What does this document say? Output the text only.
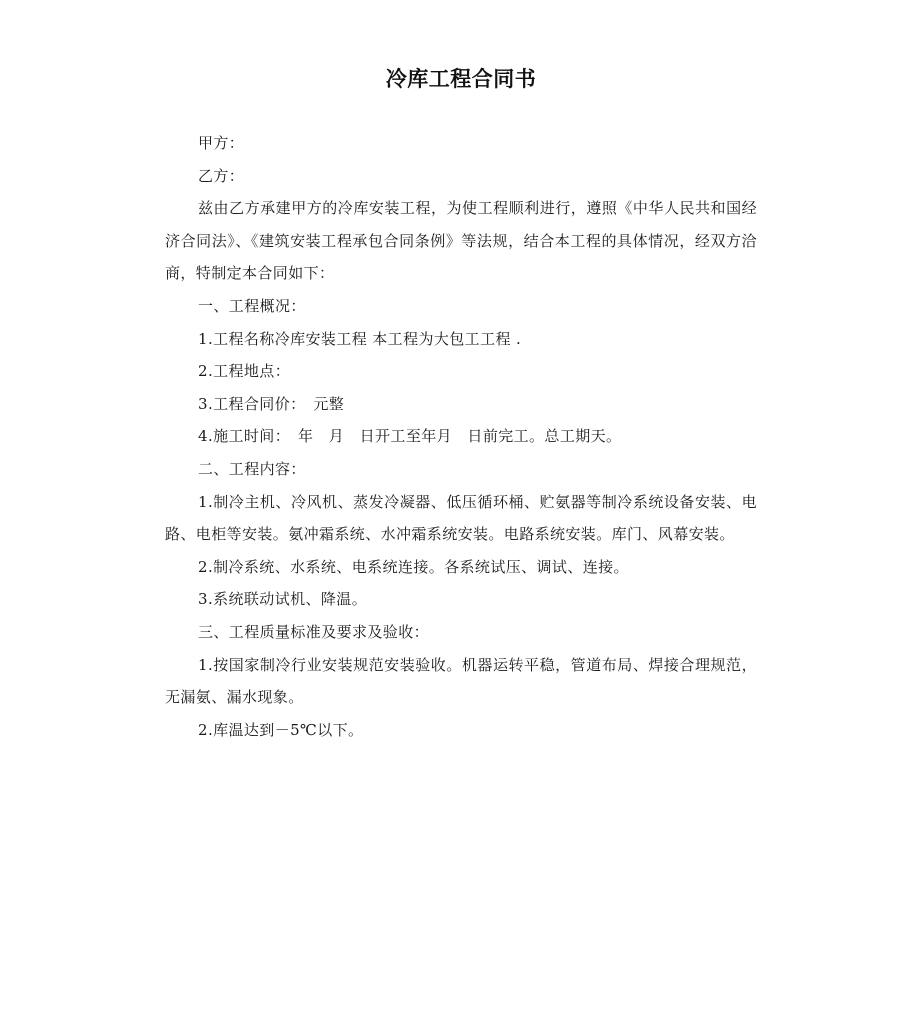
冷库工程合同书

甲方：

乙方：

兹由乙方承建甲方的冷库安装工程，为使工程顺利进行，遵照《中华人民共和国经济合同法》、《建筑安装工程承包合同条例》等法规，结合本工程的具体情况，经双方洽商，特制定本合同如下：

一、工程概况：

1.工程名称冷库安装工程 本工程为大包工工程 .

2.工程地点：

3.工程合同价：　元整

4.施工时间：　年　月　日开工至年月　日前完工。总工期天。

二、工程内容：

1.制冷主机、冷风机、蒸发冷凝器、低压循环桶、贮氨器等制冷系统设备安装、电路、电柜等安装。氨冲霜系统、水冲霜系统安装。电路系统安装。库门、风幕安装。

2.制冷系统、水系统、电系统连接。各系统试压、调试、连接。

3.系统联动试机、降温。

三、工程质量标准及要求及验收：

1.按国家制冷行业安装规范安装验收。机器运转平稳，管道布局、焊接合理规范，无漏氨、漏水现象。

2.库温达到－5℃以下。
